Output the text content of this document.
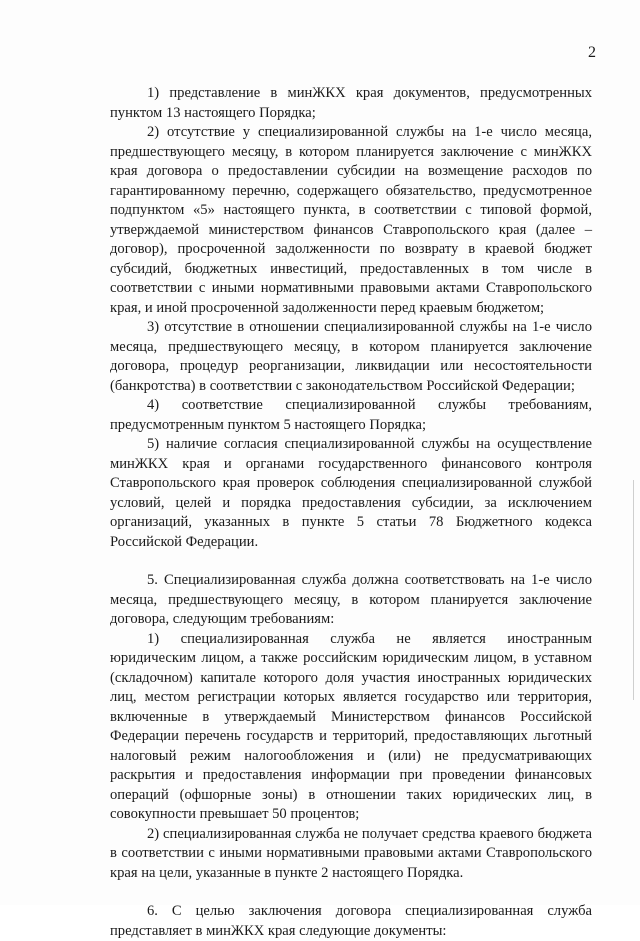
2

1) представление в минЖКХ края документов, предусмотренных пунктом 13 настоящего Порядка;

2) отсутствие у специализированной службы на 1-е число месяца, предшествующего месяцу, в котором планируется заключение с минЖКХ края договора о предоставлении субсидии на возмещение расходов по гарантированному перечню, содержащего обязательство, предусмотренное подпунктом «5» настоящего пункта, в соответствии с типовой формой, утверждаемой министерством финансов Ставропольского края (далее – договор), просроченной задолженности по возврату в краевой бюджет субсидий, бюджетных инвестиций, предоставленных в том числе в соответствии с иными нормативными правовыми актами Ставропольского края, и иной просроченной задолженности перед краевым бюджетом;

3) отсутствие в отношении специализированной службы на 1-е число месяца, предшествующего месяцу, в котором планируется заключение договора, процедур реорганизации, ликвидации или несостоятельности (банкротства) в соответствии с законодательством Российской Федерации;

4) соответствие специализированной службы требованиям, предусмотренным пунктом 5 настоящего Порядка;

5) наличие согласия специализированной службы на осуществление минЖКХ края и органами государственного финансового контроля Ставропольского края проверок соблюдения специализированной службой условий, целей и порядка предоставления субсидии, за исключением организаций, указанных в пункте 5 статьи 78 Бюджетного кодекса Российской Федерации.

5. Специализированная служба должна соответствовать на 1-е число месяца, предшествующего месяцу, в котором планируется заключение договора, следующим требованиям:

1) специализированная служба не является иностранным юридическим лицом, а также российским юридическим лицом, в уставном (складочном) капитале которого доля участия иностранных юридических лиц, местом регистрации которых является государство или территория, включенные в утверждаемый Министерством финансов Российской Федерации перечень государств и территорий, предоставляющих льготный налоговый режим налогообложения и (или) не предусматривающих раскрытия и предоставления информации при проведении финансовых операций (офшорные зоны) в отношении таких юридических лиц, в совокупности превышает 50 процентов;

2) специализированная служба не получает средства краевого бюджета в соответствии с иными нормативными правовыми актами Ставропольского края на цели, указанные в пункте 2 настоящего Порядка.

6. С целью заключения договора специализированная служба представляет в минЖКХ края следующие документы:
